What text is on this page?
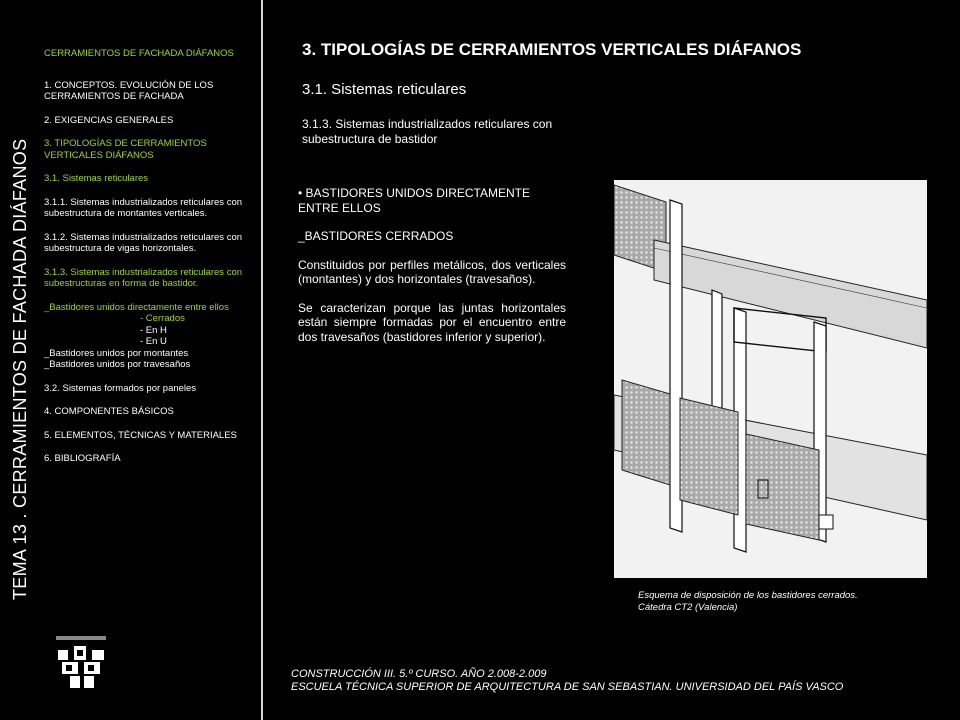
TEMA 13 . CERRAMIENTOS DE FACHADA DIÁFANOS
CERRAMIENTOS DE FACHADA DIÁFANOS
1. CONCEPTOS. EVOLUCIÓN DE LOS CERRAMIENTOS DE FACHADA
2. EXIGENCIAS GENERALES
3. TIPOLOGÍAS DE CERRAMIENTOS VERTICALES DIÁFANOS
3.1. Sistemas reticulares
3.1.1. Sistemas industrializados reticulares con subestructura de montantes verticales.
3.1.2. Sistemas industrializados reticulares con subestructura de vigas horizontales.
3.1.3. Sistemas industrializados reticulares con subestructuras en forma de bastidor.
_Bastidores unidos directamente entre ellos
- Cerrados
- En H
- En U
_Bastidores unidos por montantes
_Bastidores unidos por travesaños
3.2. Sistemas formados por paneles
4. COMPONENTES BÁSICOS
5. ELEMENTOS, TÉCNICAS Y MATERIALES
6. BIBLIOGRAFÍA
3. TIPOLOGÍAS DE CERRAMIENTOS VERTICALES DIÁFANOS
3.1. Sistemas reticulares
3.1.3. Sistemas industrializados reticulares con subestructura de bastidor

• BASTIDORES UNIDOS DIRECTAMENTE ENTRE ELLOS

_BASTIDORES CERRADOS

Constituidos por perfiles metálicos, dos verticales (montantes) y dos horizontales (travesaños).

Se caracterizan porque las juntas horizontales están siempre formadas por el encuentro entre dos travesaños (bastidores inferior y superior).

Esquema de disposición de los bastidores cerrados.
Cátedra CT2 (Valencia)
CONSTRUCCIÓN III. 5.º CURSO. AÑO 2.008-2.009
ESCUELA TÉCNICA SUPERIOR DE ARQUITECTURA DE SAN SEBASTIAN. UNIVERSIDAD DEL PAÍS VASCO
